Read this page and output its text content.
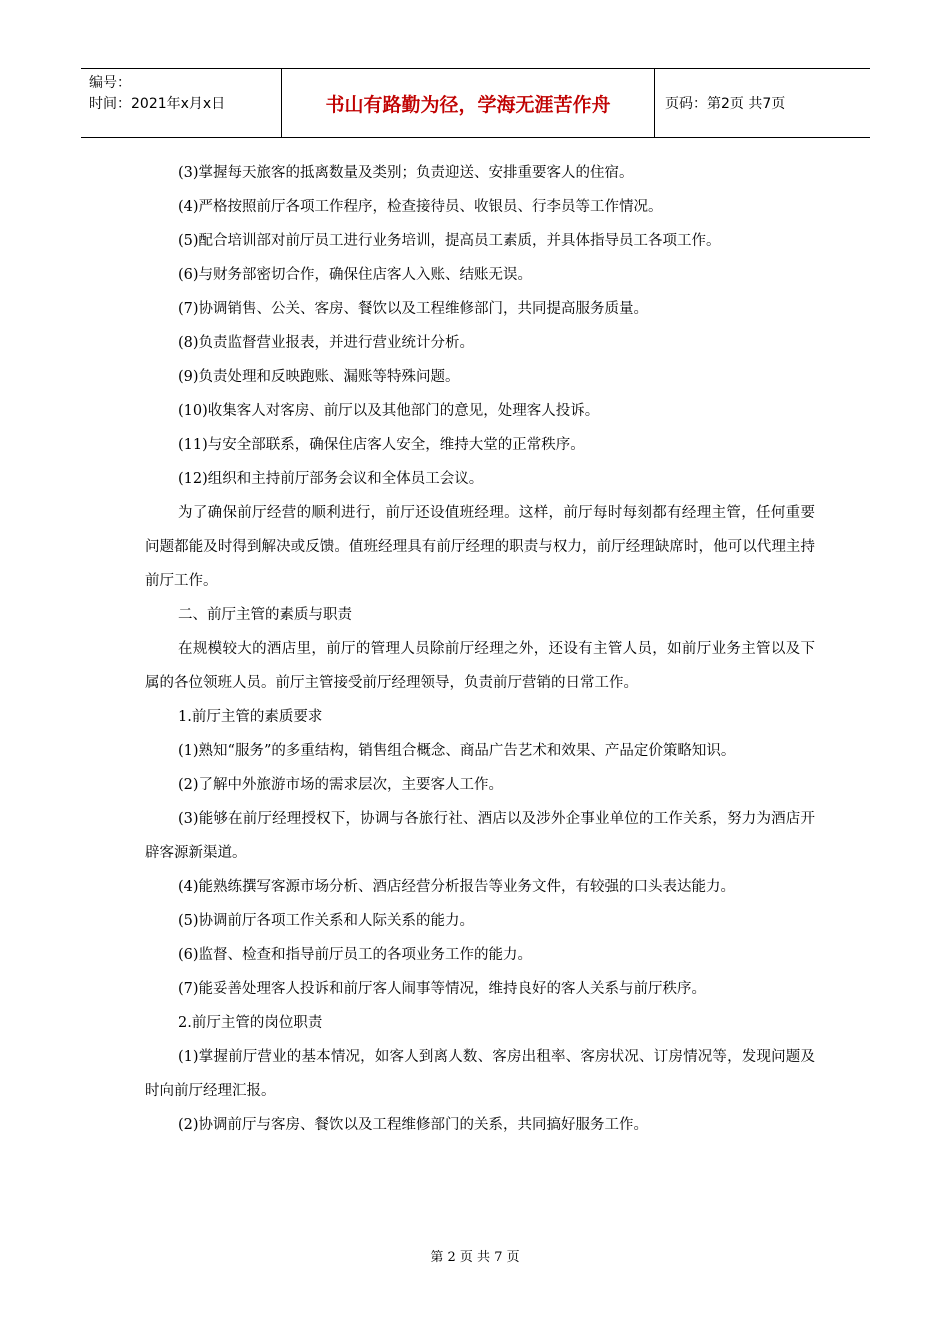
编号：
时间：2021年x月x日	书山有路勤为径，学海无涯苦作舟	页码：第2页 共7页

(3)掌握每天旅客的抵离数量及类别；负责迎送、安排重要客人的住宿。

(4)严格按照前厅各项工作程序，检查接待员、收银员、行李员等工作情况。

(5)配合培训部对前厅员工进行业务培训，提高员工素质，并具体指导员工各项工作。

(6)与财务部密切合作，确保住店客人入账、结账无误。

(7)协调销售、公关、客房、餐饮以及工程维修部门，共同提高服务质量。

(8)负责监督营业报表，并进行营业统计分析。

(9)负责处理和反映跑账、漏账等特殊问题。

(10)收集客人对客房、前厅以及其他部门的意见，处理客人投诉。

(11)与安全部联系，确保住店客人安全，维持大堂的正常秩序。

(12)组织和主持前厅部务会议和全体员工会议。

为了确保前厅经营的顺利进行，前厅还设值班经理。这样，前厅每时每刻都有经理主管，任何重要问题都能及时得到解决或反馈。值班经理具有前厅经理的职责与权力，前厅经理缺席时，他可以代理主持前厅工作。

二、前厅主管的素质与职责

在规模较大的酒店里，前厅的管理人员除前厅经理之外，还设有主管人员，如前厅业务主管以及下属的各位领班人员。前厅主管接受前厅经理领导，负责前厅营销的日常工作。

1.前厅主管的素质要求

(1)熟知“服务”的多重结构，销售组合概念、商品广告艺术和效果、产品定价策略知识。

(2)了解中外旅游市场的需求层次，主要客人工作。

(3)能够在前厅经理授权下，协调与各旅行社、酒店以及涉外企事业单位的工作关系，努力为酒店开辟客源新渠道。

(4)能熟练撰写客源市场分析、酒店经营分析报告等业务文件，有较强的口头表达能力。

(5)协调前厅各项工作关系和人际关系的能力。

(6)监督、检查和指导前厅员工的各项业务工作的能力。

(7)能妥善处理客人投诉和前厅客人闹事等情况，维持良好的客人关系与前厅秩序。

2.前厅主管的岗位职责

(1)掌握前厅营业的基本情况，如客人到离人数、客房出租率、客房状况、订房情况等，发现问题及时向前厅经理汇报。

(2)协调前厅与客房、餐饮以及工程维修部门的关系，共同搞好服务工作。

第 2 页 共 7 页
